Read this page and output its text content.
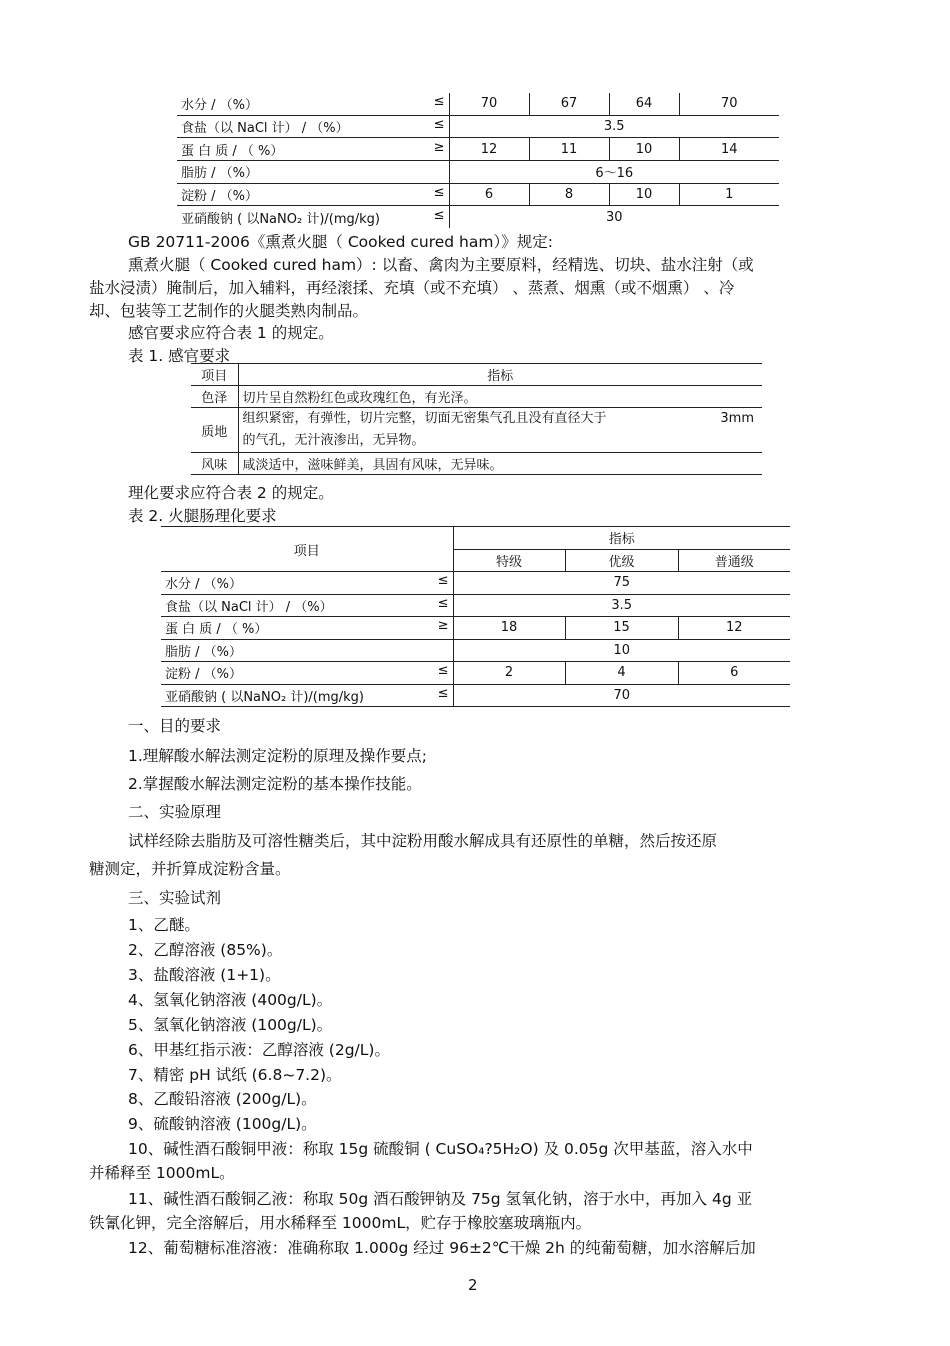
水分 / （%） ≤	70	67	64	70

食盐（以 NaCl 计） / （%） ≤	3.5			

蛋 白 质 / （ %） ≥	12	11	10	14

脂肪 / （%）	6～16			

淀粉 / （%） ≤	6	8	10	1

亚硝酸钠 ( 以NaNO₂ 计)/(mg/kg) ≤	30			
GB 20711-2006《熏煮火腿（ Cooked cured ham）》规定:
熏煮火腿（ Cooked cured ham）: 以畜、禽肉为主要原料，经精选、切块、盐水注射（或
盐水浸渍）腌制后，加入辅料，再经滚揉、充填（或不充填） 、蒸煮、烟熏（或不烟熏） 、冷
却、包装等工艺制作的火腿类熟肉制品。
感官要求应符合表 1 的规定。
表 1. 感官要求
项目	指标
色泽	切片呈自然粉红色或玫瑰红色，有光泽。
质地	组织紧密，有弹性，切片完整，切面无密集气孔且没有直径大于 3mm
的气孔，无汁液渗出，无异物。

风味	咸淡适中，滋味鲜美，具固有风味，无异味。
理化要求应符合表 2 的规定。
表 2. 火腿肠理化要求
项目	指标		
	特级	优级	普通级

水分 / （%） ≤	75		

食盐（以 NaCl 计） / （%） ≤	3.5		

蛋 白 质 / （ %） ≥	18	15	12

脂肪 / （%）	10		

淀粉 / （%） ≤	2	4	6

亚硝酸钠 ( 以NaNO₂ 计)/(mg/kg) ≤	70		
一、目的要求
1.理解酸水解法测定淀粉的原理及操作要点;
2.掌握酸水解法测定淀粉的基本操作技能。
二、实验原理
试样经除去脂肪及可溶性糖类后，其中淀粉用酸水解成具有还原性的单糖，然后按还原
糖测定，并折算成淀粉含量。
三、实验试剂
1、乙醚。
2、乙醇溶液 (85%)。
3、盐酸溶液 (1+1)。
4、氢氧化钠溶液 (400g/L)。
5、氢氧化钠溶液 (100g/L)。
6、甲基红指示液：乙醇溶液 (2g/L)。
7、精密 pH 试纸 (6.8~7.2)。
8、乙酸铅溶液 (200g/L)。
9、硫酸钠溶液 (100g/L)。
10、碱性酒石酸铜甲液：称取 15g 硫酸铜 ( CuSO₄?5H₂O) 及 0.05g 次甲基蓝，溶入水中
并稀释至 1000mL。
11、碱性酒石酸铜乙液：称取 50g 酒石酸钾钠及 75g 氢氧化钠，溶于水中，再加入 4g 亚
铁氰化钾，完全溶解后，用水稀释至 1000mL，贮存于橡胶塞玻璃瓶内。
12、葡萄糖标准溶液：准确称取 1.000g 经过 96±2℃干燥 2h 的纯葡萄糖，加水溶解后加
2
